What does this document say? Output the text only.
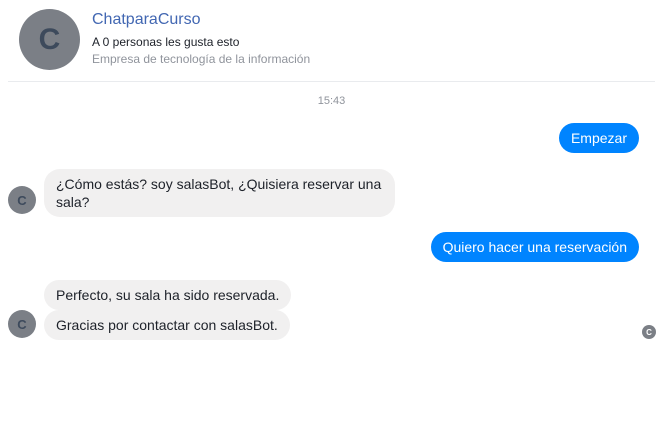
C
ChatparaCurso
A 0 personas les gusta esto
Empresa de tecnología de la información
15:43
Empezar
C
¿Cómo estás? soy salasBot, ¿Quisiera reservar una sala?
Quiero hacer una reservación
Perfecto, su sala ha sido reservada.
C	Gracias por contactar con salasBot.	C
